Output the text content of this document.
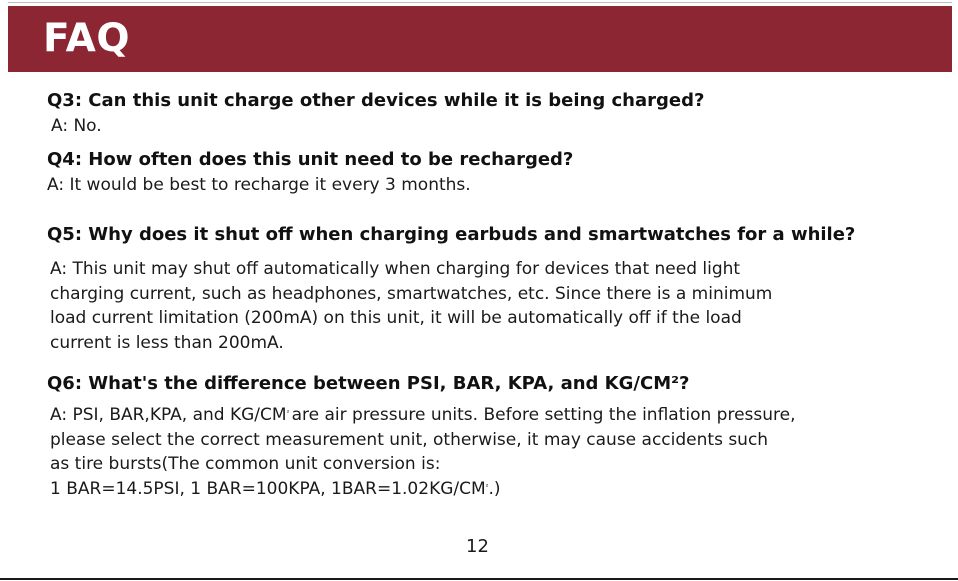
FAQ
Q3: Can this unit charge other devices while it is being charged?

A: No.

Q4: How often does this unit need to be recharged?

A: It would be best to recharge it every 3 months.

Q5: Why does it shut off when charging earbuds and smartwatches for a while?

A: This unit may shut off automatically when charging for devices that need light
charging current, such as headphones, smartwatches, etc. Since there is a minimum
load current limitation (200mA) on this unit, it will be automatically off if the load
current is less than 200mA.

Q6: What's the difference between PSI, BAR, KPA, and KG/CM²?

A: PSI, BAR,KPA, and $KG/CM^{^2}$ are air pressure units. Before setting the inflation pressure,
please select the correct measurement unit, otherwise, it may cause accidents such
as tire bursts(The common unit conversion is:
1 BAR=14.5PSI, 1 BAR=100KPA, $1BAR=1.02KG/CM^{^2}$.)

12
